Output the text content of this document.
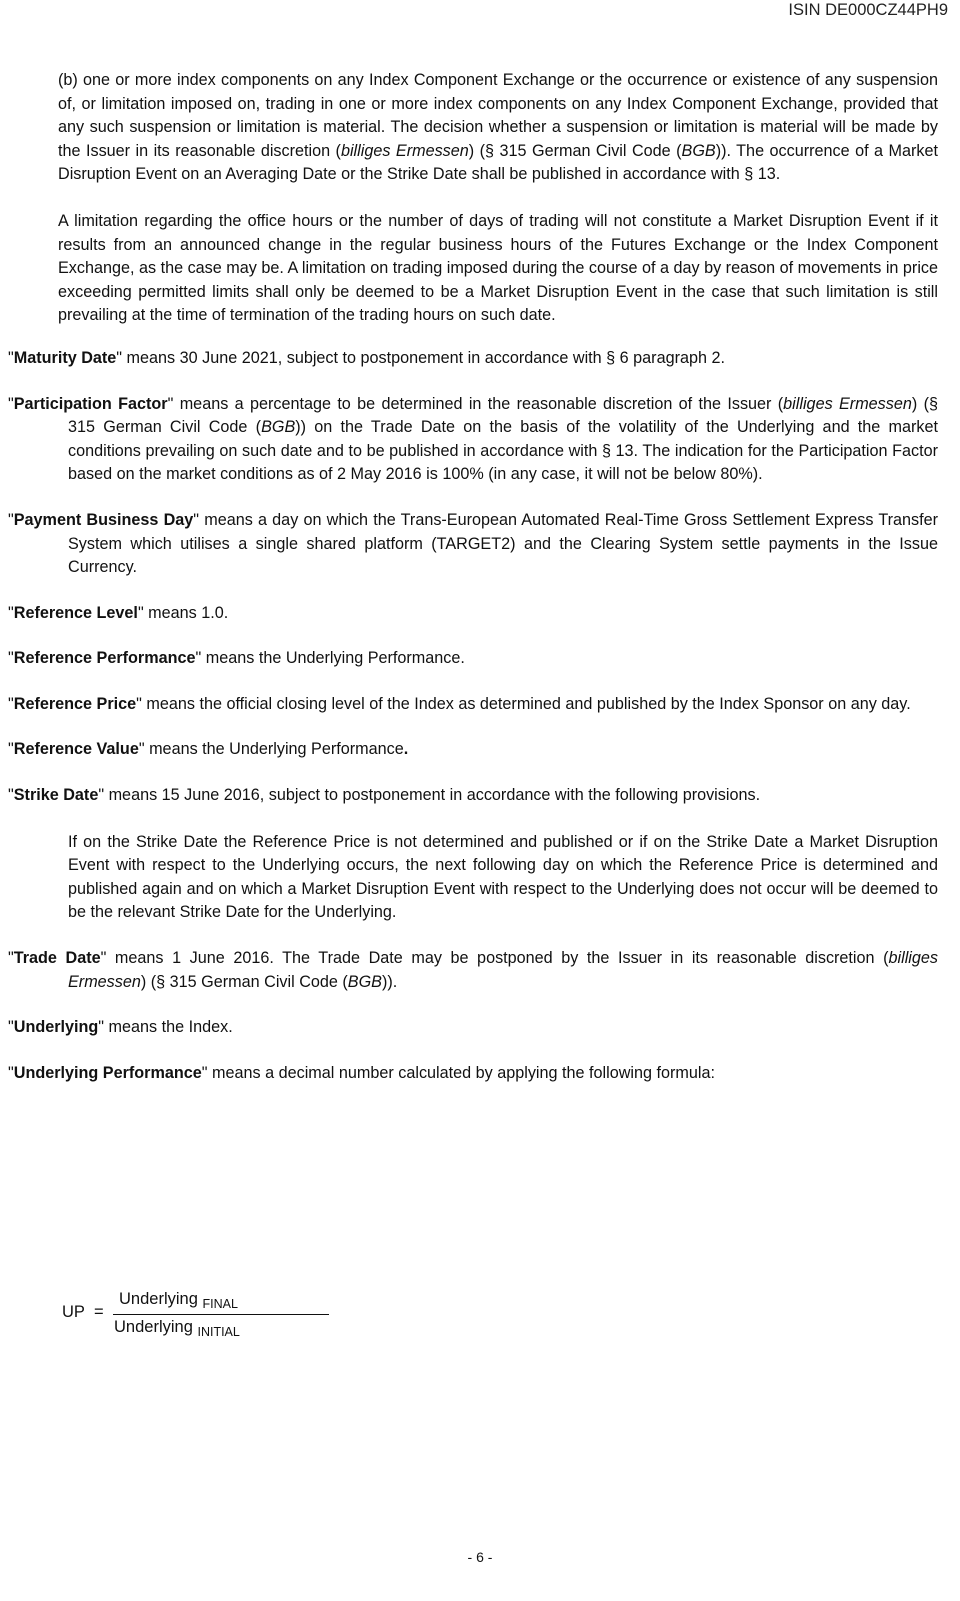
ISIN DE000CZ44PH9

(b) one or more index components on any Index Component Exchange or the occurrence or existence of any suspension of, or limitation imposed on, trading in one or more index components on any Index Component Exchange, provided that any such suspension or limitation is material. The decision whether a suspension or limitation is material will be made by the Issuer in its reasonable discretion (billiges Ermessen) (§ 315 German Civil Code (BGB)). The occurrence of a Market Disruption Event on an Averaging Date or the Strike Date shall be published in accordance with § 13.

A limitation regarding the office hours or the number of days of trading will not constitute a Market Disruption Event if it results from an announced change in the regular business hours of the Futures Exchange or the Index Component Exchange, as the case may be. A limitation on trading imposed during the course of a day by reason of movements in price exceeding permitted limits shall only be deemed to be a Market Disruption Event in the case that such limitation is still prevailing at the time of termination of the trading hours on such date.

"Maturity Date" means 30 June 2021, subject to postponement in accordance with § 6 paragraph 2.

"Participation Factor" means a percentage to be determined in the reasonable discretion of the Issuer (billiges Ermessen) (§ 315 German Civil Code (BGB)) on the Trade Date on the basis of the volatility of the Underlying and the market conditions prevailing on such date and to be published in accordance with § 13. The indication for the Participation Factor based on the market conditions as of 2 May 2016 is 100% (in any case, it will not be below 80%).

"Payment Business Day" means a day on which the Trans-European Automated Real-Time Gross Settlement Express Transfer System which utilises a single shared platform (TARGET2) and the Clearing System settle payments in the Issue Currency.

"Reference Level" means 1.0.

"Reference Performance" means the Underlying Performance.

"Reference Price" means the official closing level of the Index as determined and published by the Index Sponsor on any day.

"Reference Value" means the Underlying Performance.

"Strike Date" means 15 June 2016, subject to postponement in accordance with the following provisions.

If on the Strike Date the Reference Price is not determined and published or if on the Strike Date a Market Disruption Event with respect to the Underlying occurs, the next following day on which the Reference Price is determined and published again and on which a Market Disruption Event with respect to the Underlying does not occur will be deemed to be the relevant Strike Date for the Underlying.

"Trade Date" means 1 June 2016. The Trade Date may be postponed by the Issuer in its reasonable discretion (billiges Ermessen) (§ 315 German Civil Code (BGB)).

"Underlying" means the Index.

"Underlying Performance" means a decimal number calculated by applying the following formula:

UP =
Underlying $_{FINAL}$
Underlying $_{INITIAL}$
- 6 -
